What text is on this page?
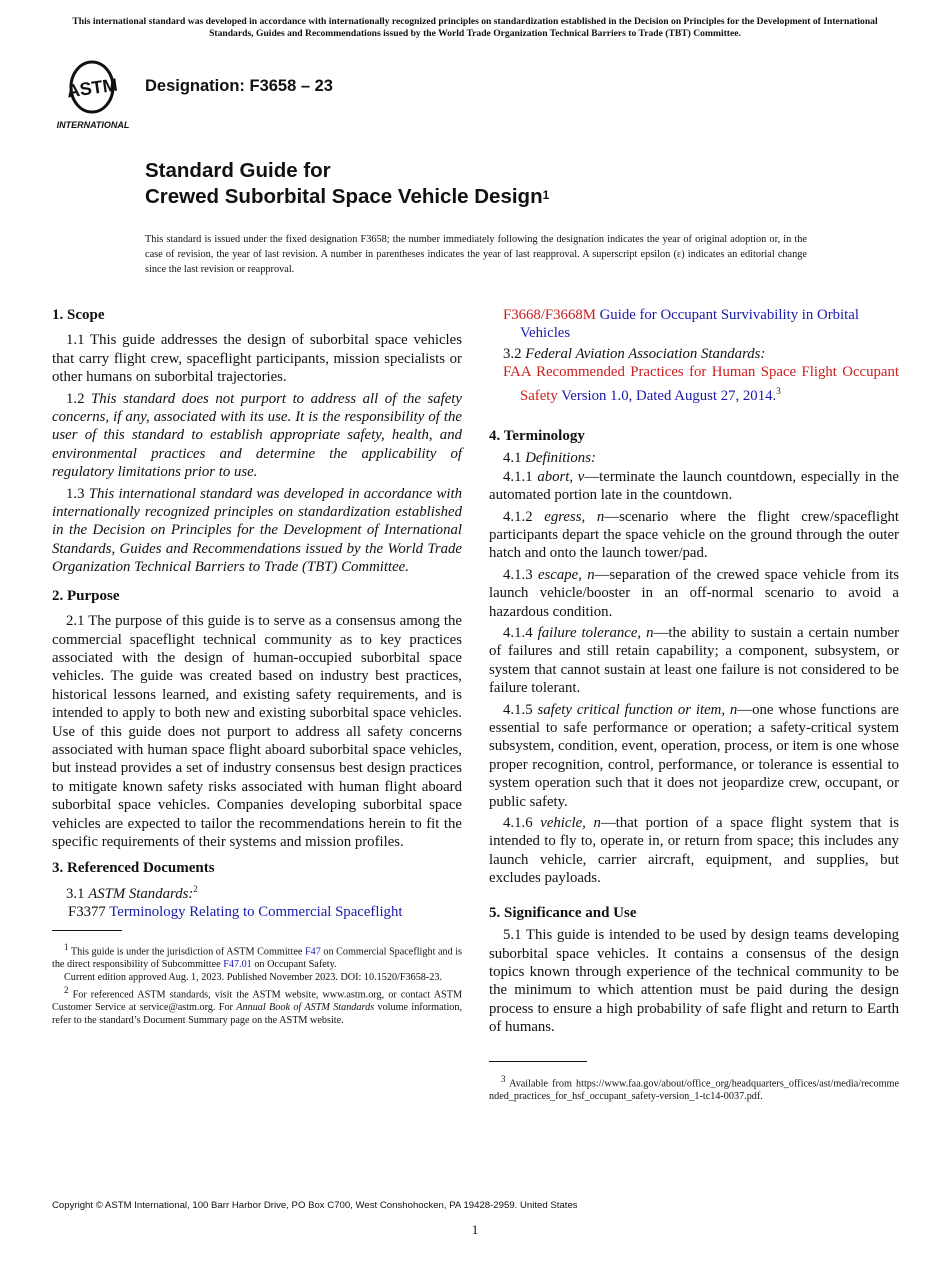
This international standard was developed in accordance with internationally recognized principles on standardization established in the Decision on Principles for the Development of International Standards, Guides and Recommendations issued by the World Trade Organization Technical Barriers to Trade (TBT) Committee.
ASTM
INTERNATIONAL
Designation: F3658 – 23
Standard Guide for
Crewed Suborbital Space Vehicle Design$^1$
This standard is issued under the fixed designation F3658; the number immediately following the designation indicates the year of original adoption or, in the case of revision, the year of last revision. A number in parentheses indicates the year of last reapproval. A superscript epsilon (ε) indicates an editorial change since the last revision or reapproval.
1. Scope

1.1 This guide addresses the design of suborbital space vehicles that carry flight crew, spaceflight participants, mission specialists or other humans on suborbital trajectories.

1.2 This standard does not purport to address all of the safety concerns, if any, associated with its use. It is the responsibility of the user of this standard to establish appropriate safety, health, and environmental practices and determine the applicability of regulatory limitations prior to use.

1.3 This international standard was developed in accordance with internationally recognized principles on standardization established in the Decision on Principles for the Development of International Standards, Guides and Recommendations issued by the World Trade Organization Technical Barriers to Trade (TBT) Committee.

2. Purpose

2.1 The purpose of this guide is to serve as a consensus among the commercial spaceflight technical community as to key practices associated with the design of human-occupied suborbital space vehicles. The guide was created based on industry best practices, historical lessons learned, and existing safety requirements, and is intended to apply to both new and existing suborbital space vehicles. Use of this guide does not purport to address all safety concerns associated with human space flight aboard suborbital space vehicles, but instead provides a set of industry consensus best design practices to mitigate known safety risks associated with human flight aboard suborbital space vehicles. Companies developing suborbital space vehicles are expected to tailor the recommendations herein to fit the specific requirements of their systems and mission profiles.

3. Referenced Documents

3.1 ASTM Standards:$^2$

F3377 Terminology Relating to Commercial Spaceflight

$^1$ This guide is under the jurisdiction of ASTM Committee F47 on Commercial Spaceflight and is the direct responsibility of Subcommittee F47.01 on Occupant Safety.

Current edition approved Aug. 1, 2023. Published November 2023. DOI: 10.1520/F3658-23.

$^2$ For referenced ASTM standards, visit the ASTM website, www.astm.org, or contact ASTM Customer Service at service@astm.org. For Annual Book of ASTM Standards volume information, refer to the standard’s Document Summary page on the ASTM website.

F3668/F3668M Guide for Occupant Survivability in Orbital Vehicles

3.2 Federal Aviation Association Standards:

FAA Recommended Practices for Human Space Flight Occupant Safety Version 1.0, Dated August 27, 2014.$^3$
4. Terminology

4.1 Definitions:

4.1.1 abort, v—terminate the launch countdown, especially in the automated portion late in the countdown.

4.1.2 egress, n—scenario where the flight crew/spaceflight participants depart the space vehicle on the ground through the outer hatch and onto the launch tower/pad.

4.1.3 escape, n—separation of the crewed space vehicle from its launch vehicle/booster in an off-normal scenario to avoid a hazardous condition.

4.1.4 failure tolerance, n—the ability to sustain a certain number of failures and still retain capability; a component, subsystem, or system that cannot sustain at least one failure is not considered to be failure tolerant.

4.1.5 safety critical function or item, n—one whose functions are essential to safe performance or operation; a safety-critical system subsystem, condition, event, operation, process, or item is one whose proper recognition, control, performance, or tolerance is essential to system operation such that it does not jeopardize crew, occupant, or public safety.

4.1.6 vehicle, n—that portion of a space flight system that is intended to fly to, operate in, or return from space; this includes any launch vehicle, carrier aircraft, equipment, and supplies, but excludes payloads.

5. Significance and Use

5.1 This guide is intended to be used by design teams developing suborbital space vehicles. It contains a consensus of the design topics known through experience of the technical community to be the minimum to which attention must be paid during the design process to ensure a high probability of safe flight and return to Earth of humans.

$^3$ Available from https://www.faa.gov/about/office_org/headquarters_offices/ast/media/recommended_practices_for_hsf_occupant_safety-version_1-tc14-0037.pdf.

Copyright © ASTM International, 100 Barr Harbor Drive, PO Box C700, West Conshohocken, PA 19428-2959. United States
1
